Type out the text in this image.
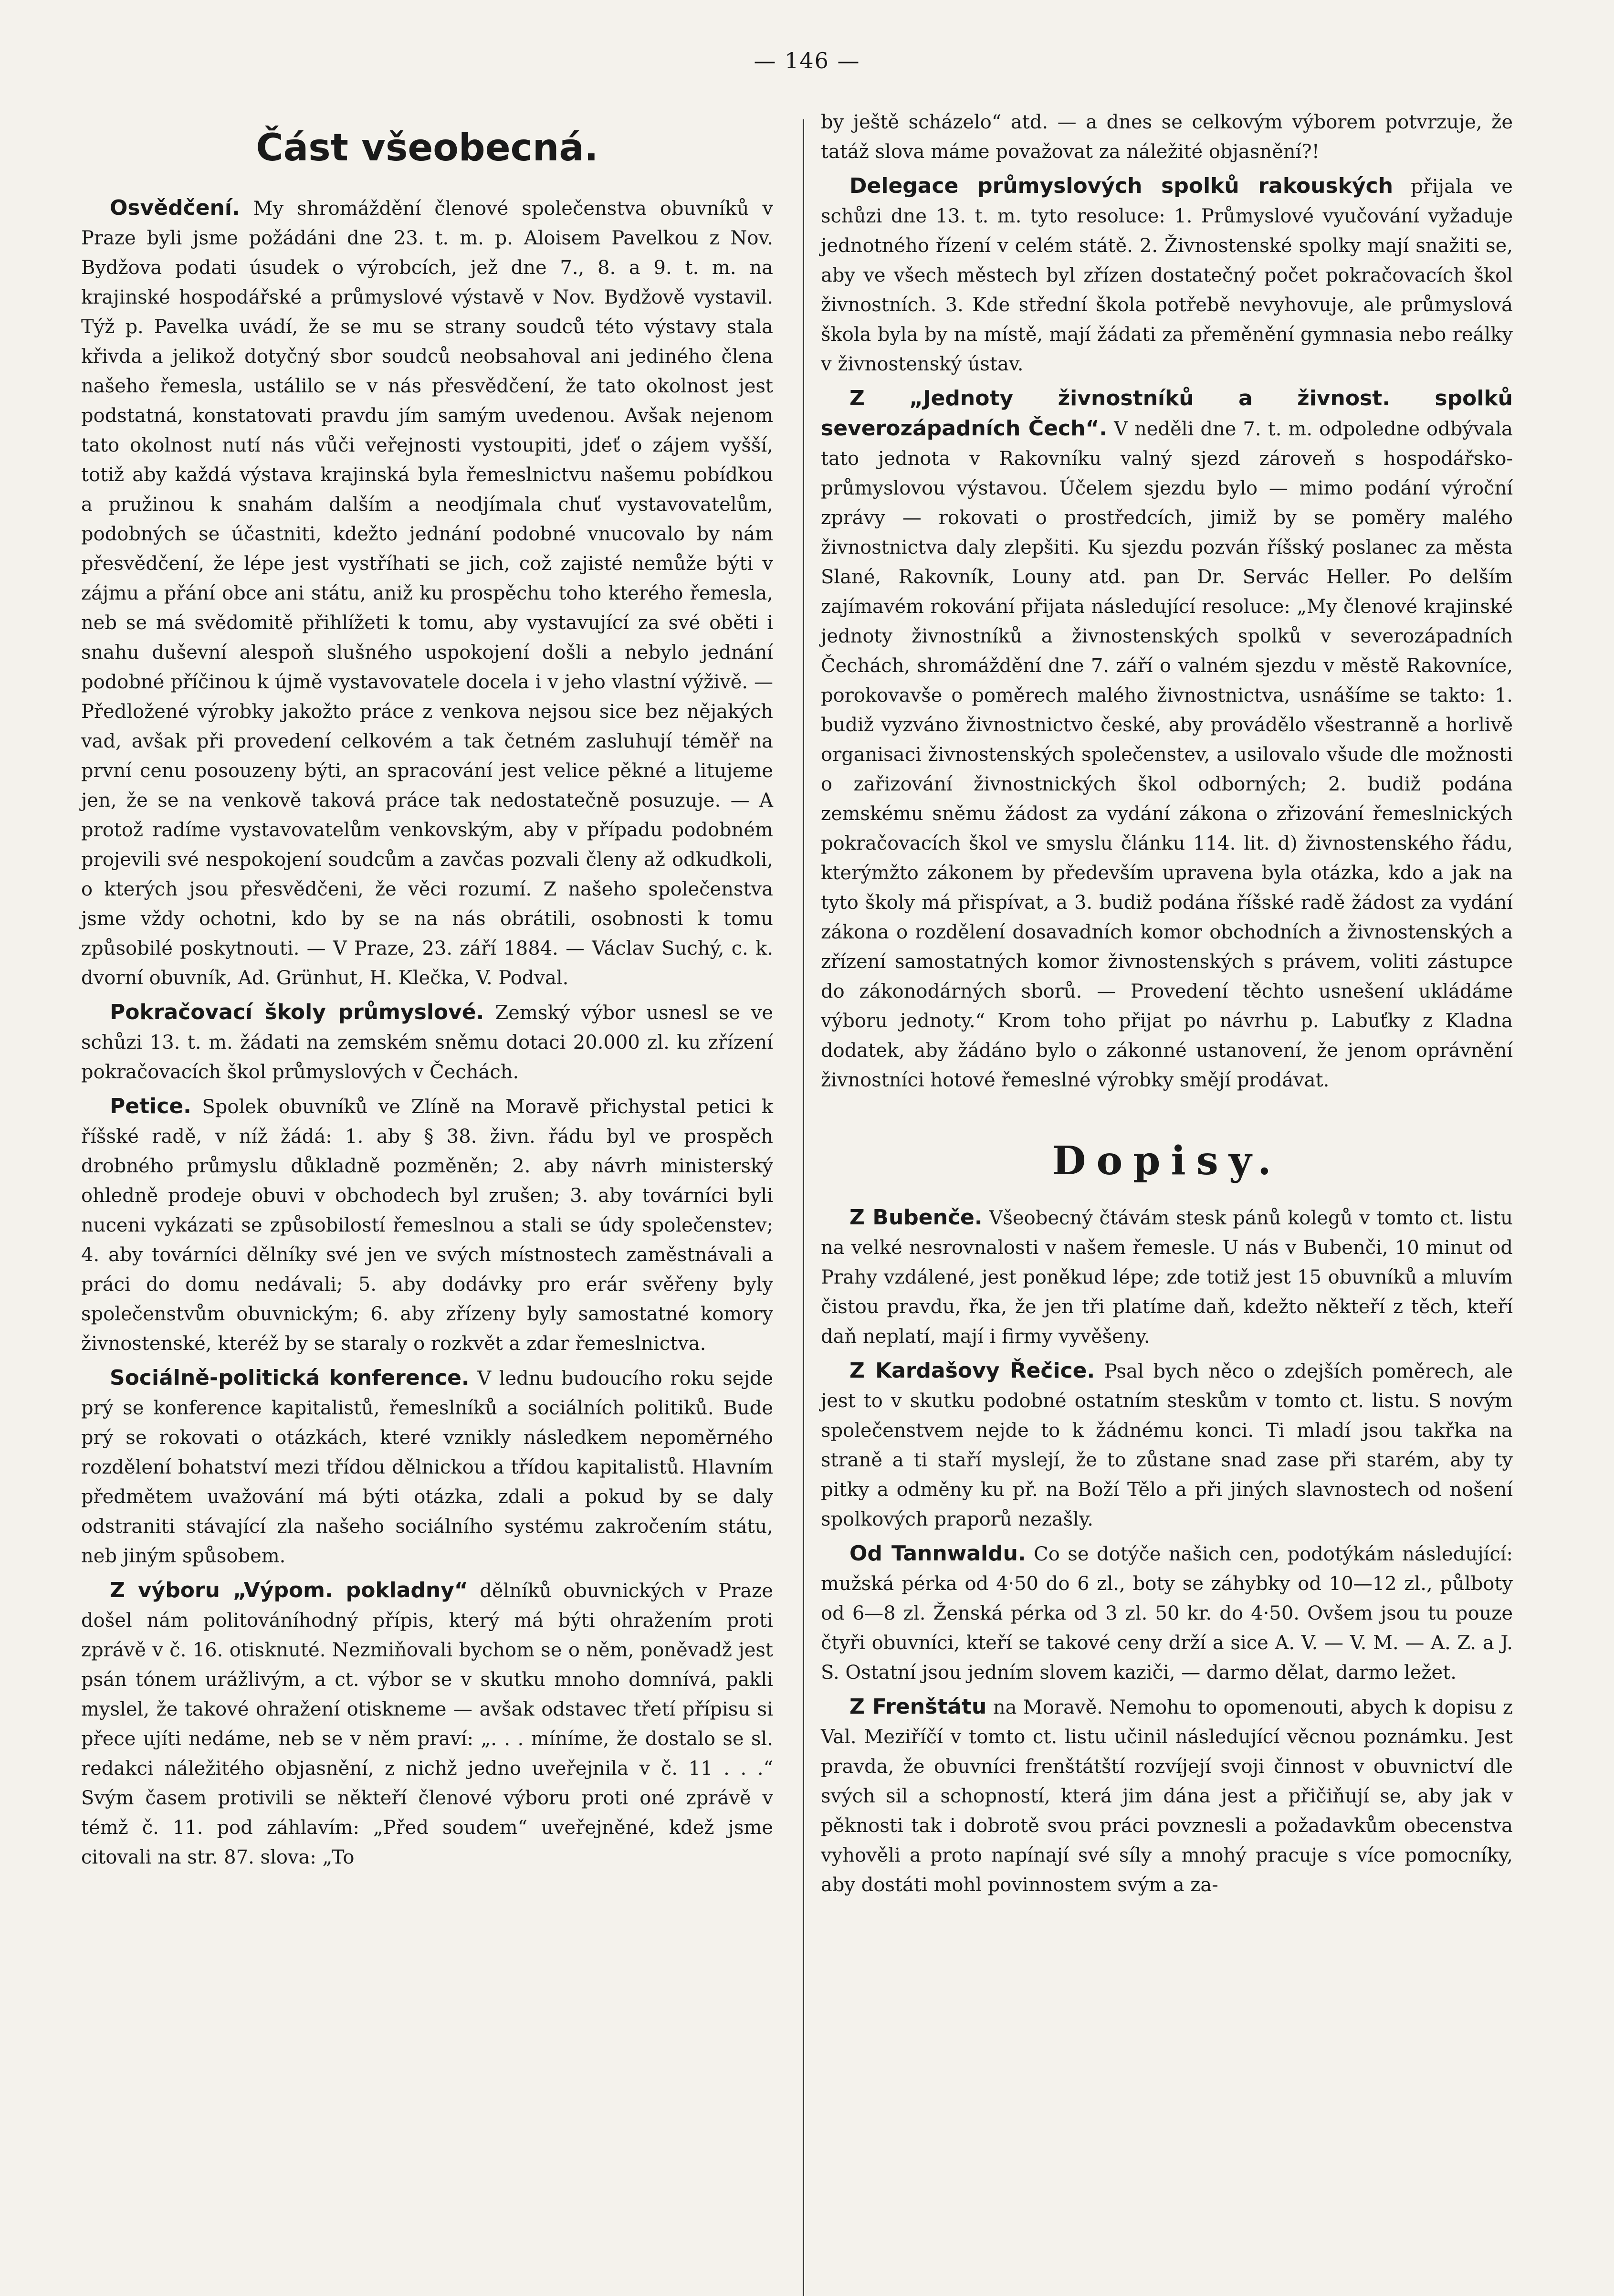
— 146 —
Část všeobecná.

Osvědčení. My shromáždění členové společenstva obuvníků v Praze byli jsme požádáni dne 23. t. m. p. Aloisem Pavelkou z Nov. Bydžova podati úsudek o výrobcích, jež dne 7., 8. a 9. t. m. na krajinské hospodářské a průmyslové výstavě v Nov. Bydžově vystavil. Týž p. Pavelka uvádí, že se mu se strany soudců této výstavy stala křivda a jelikož dotyčný sbor soudců neobsahoval ani jediného člena našeho řemesla, ustálilo se v nás přesvědčení, že tato okolnost jest podstatná, konstatovati pravdu jím samým uvedenou. Avšak nejenom tato okolnost nutí nás vůči veřejnosti vystoupiti, jdeť o zájem vyšší, totiž aby každá výstava krajinská byla řemeslnictvu našemu pobídkou a pružinou k snahám dalším a neodjímala chuť vystavovatelům, podobných se účastniti, kdežto jednání podobné vnucovalo by nám přesvědčení, že lépe jest vystříhati se jich, což zajisté nemůže býti v zájmu a přání obce ani státu, aniž ku prospěchu toho kterého řemesla, neb se má svědomitě přihlížeti k tomu, aby vystavující za své oběti i snahu duševní alespoň slušného uspokojení došli a nebylo jednání podobné příčinou k újmě vystavovatele docela i v jeho vlastní výživě. — Předložené výrobky jakožto práce z venkova nejsou sice bez nějakých vad, avšak při provedení celkovém a tak četném zasluhují téměř na první cenu posouzeny býti, an spracování jest velice pěkné a litujeme jen, že se na venkově taková práce tak nedostatečně posuzuje. — A protož radíme vystavovatelům venkovským, aby v případu podobném projevili své nespokojení soudcům a zavčas pozvali členy až odkudkoli, o kterých jsou přesvědčeni, že věci rozumí. Z našeho společenstva jsme vždy ochotni, kdo by se na nás obrátili, osobnosti k tomu způsobilé poskytnouti. — V Praze, 23. září 1884. — Václav Suchý, c. k. dvorní obuvník, Ad. Grünhut, H. Klečka, V. Podval.

Pokračovací školy průmyslové. Zemský výbor usnesl se ve schůzi 13. t. m. žádati na zemském sněmu dotaci 20.000 zl. ku zřízení pokračovacích škol průmyslových v Čechách.

Petice. Spolek obuvníků ve Zlíně na Moravě přichystal petici k říšské radě, v níž žádá: 1. aby § 38. živn. řádu byl ve prospěch drobného průmyslu důkladně pozměněn; 2. aby návrh ministerský ohledně prodeje obuvi v obchodech byl zrušen; 3. aby továrníci byli nuceni vykázati se způsobilostí řemeslnou a stali se údy společenstev; 4. aby továrníci dělníky své jen ve svých místnostech zaměstnávali a práci do domu nedávali; 5. aby dodávky pro erár svěřeny byly společenstvům obuvnickým; 6. aby zřízeny byly samostatné komory živnostenské, kteréž by se staraly o rozkvět a zdar řemeslnictva.

Sociálně-politická konference. V lednu budoucího roku sejde prý se konference kapitalistů, řemeslníků a sociálních politiků. Bude prý se rokovati o otázkách, které vznikly následkem nepoměrného rozdělení bohatství mezi třídou dělnickou a třídou kapitalistů. Hlavním předmětem uvažování má býti otázka, zdali a pokud by se daly odstraniti stávající zla našeho sociálního systému zakročením státu, neb jiným spůsobem.

Z výboru „Výpom. pokladny“ dělníků obuvnických v Praze došel nám politováníhodný přípis, který má býti ohražením proti zprávě v č. 16. otisknuté. Nezmiňovali bychom se o něm, poněvadž jest psán tónem urážlivým, a ct. výbor se v skutku mnoho domnívá, pakli myslel, že takové ohražení otiskneme — avšak odstavec třetí přípisu si přece ujíti nedáme, neb se v něm praví: „. . . míníme, že dostalo se sl. redakci náležitého objasnění, z nichž jedno uveřejnila v č. 11 . . .“ Svým časem protivili se někteří členové výboru proti oné zprávě v témž č. 11. pod záhlavím: „Před soudem“ uveřejněné, kdež jsme citovali na str. 87. slova: „To

by ještě scházelo“ atd. — a dnes se celkovým výborem potvrzuje, že tatáž slova máme považovat za náležité objasnění?!

Delegace průmyslových spolků rakouských přijala ve schůzi dne 13. t. m. tyto resoluce: 1. Průmyslové vyučování vyžaduje jednotného řízení v celém státě. 2. Živnostenské spolky mají snažiti se, aby ve všech městech byl zřízen dostatečný počet pokračovacích škol živnostních. 3. Kde střední škola potřebě nevyhovuje, ale průmyslová škola byla by na místě, mají žádati za přeměnění gymnasia nebo reálky v živnostenský ústav.

Z „Jednoty živnostníků a živnost. spolků severozápadních Čech“. V neděli dne 7. t. m. odpoledne odbývala tato jednota v Rakovníku valný sjezd zároveň s hospodářsko-průmyslovou výstavou. Účelem sjezdu bylo — mimo podání výroční zprávy — rokovati o prostředcích, jimiž by se poměry malého živnostnictva daly zlepšiti. Ku sjezdu pozván říšský poslanec za města Slané, Rakovník, Louny atd. pan Dr. Servác Heller. Po delším zajímavém rokování přijata následující resoluce: „My členové krajinské jednoty živnostníků a živnostenských spolků v severozápadních Čechách, shromáždění dne 7. září o valném sjezdu v městě Rakovníce, porokovavše o poměrech malého živnostnictva, usnášíme se takto: 1. budiž vyzváno živnostnictvo české, aby provádělo všestranně a horlivě organisaci živnostenských společenstev, a usilovalo všude dle možnosti o zařizování živnostnických škol odborných; 2. budiž podána zemskému sněmu žádost za vydání zákona o zřizování řemeslnických pokračovacích škol ve smyslu článku 114. lit. d) živnostenského řádu, kterýmžto zákonem by především upravena byla otázka, kdo a jak na tyto školy má přispívat, a 3. budiž podána říšské radě žádost za vydání zákona o rozdělení dosavadních komor obchodních a živnostenských a zřízení samostatných komor živnostenských s právem, voliti zástupce do zákonodárných sborů. — Provedení těchto usnešení ukládáme výboru jednoty.“ Krom toho přijat po návrhu p. Labuťky z Kladna dodatek, aby žádáno bylo o zákonné ustanovení, že jenom oprávnění živnostníci hotové řemeslné výrobky smějí prodávat.

Dopisy.

Z Bubenče. Všeobecný čtávám stesk pánů kolegů v tomto ct. listu na velké nesrovnalosti v našem řemesle. U nás v Bubenči, 10 minut od Prahy vzdálené, jest poněkud lépe; zde totiž jest 15 obuvníků a mluvím čistou pravdu, řka, že jen tři platíme daň, kdežto někteří z těch, kteří daň neplatí, mají i firmy vyvěšeny.

Z Kardašovy Řečice. Psal bych něco o zdejších poměrech, ale jest to v skutku podobné ostatním steskům v tomto ct. listu. S novým společenstvem nejde to k žádnému konci. Ti mladí jsou takřka na straně a ti staří myslejí, že to zůstane snad zase při starém, aby ty pitky a odměny ku př. na Boží Tělo a při jiných slavnostech od nošení spolkových praporů nezašly.

Od Tannwaldu. Co se dotýče našich cen, podotýkám následující: mužská pérka od 4·50 do 6 zl., boty se záhybky od 10—12 zl., půlboty od 6—8 zl. Ženská pérka od 3 zl. 50 kr. do 4·50. Ovšem jsou tu pouze čtyři obuvníci, kteří se takové ceny drží a sice A. V. — V. M. — A. Z. a J. S. Ostatní jsou jedním slovem kaziči, — darmo dělat, darmo ležet.

Z Frenštátu na Moravě. Nemohu to opomenouti, abych k dopisu z Val. Meziříčí v tomto ct. listu učinil následující věcnou poznámku. Jest pravda, že obuvníci frenštátští rozvíjejí svoji činnost v obuvnictví dle svých sil a schopností, která jim dána jest a přičiňují se, aby jak v pěknosti tak i dobrotě svou práci povznesli a požadavkům obecenstva vyhověli a proto napínají své síly a mnohý pracuje s více pomocníky, aby dostáti mohl povinnostem svým a za-
